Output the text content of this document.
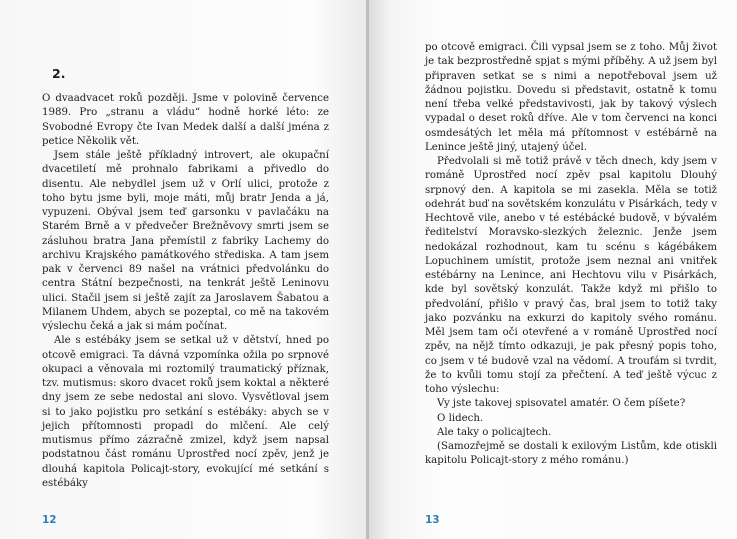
2.

O dvaadvacet roků později. Jsme v polovině července 1989. Pro „stranu a vládu“ hodně horké léto: ze Svobodné Evropy čte Ivan Medek další a další jména z petice Několik vět.

Jsem stále ještě příkladný introvert, ale okupační dvacetiletí mě prohnalo fabrikami a přivedlo do disentu. Ale nebydlel jsem už v Orlí ulici, protože z toho bytu jsme byli, moje máti, můj bratr Jenda a já, vypuzeni. Obýval jsem teď garsonku v pavlačáku na Starém Brně a v předvečer Brežněvovy smrti jsem se zásluhou bratra Jana přemístil z fabriky Lachemy do archivu Krajského památkového střediska. A tam jsem pak v červenci 89 našel na vrátnici předvolánku do centra Státní bezpečnosti, na tenkrát ještě Leninovu ulici. Stačil jsem si ještě zajít za Jaroslavem Šabatou a Milanem Uhdem, abych se pozeptal, co mě na takovém výslechu čeká a jak si mám počínat.

Ale s estébáky jsem se setkal už v dětství, hned po otcově emigraci. Ta dávná vzpomínka ožila po srpnové okupaci a věnovala mi roztomilý traumatický příznak, tzv. mutismus: skoro dvacet roků jsem koktal a některé dny jsem ze sebe nedostal ani slovo. Vysvětloval jsem si to jako pojistku pro setkání s estébáky: abych se v jejich přítomnosti propadl do mlčení. Ale celý mutismus přímo zázračně zmizel, když jsem napsal podstatnou část románu Uprostřed nocí zpěv, jenž je dlouhá kapitola Policajt-story, evokující mé setkání s estébáky

12

po otcově emigraci. Čili vypsal jsem se z toho. Můj život je tak bezprostředně spjat s mými příběhy. A už jsem byl připraven setkat se s nimi a nepotřeboval jsem už žádnou pojistku. Dovedu si představit, ostatně k tomu není třeba velké představivosti, jak by takový výslech vypadal o deset roků dříve. Ale v tom červenci na konci osmdesátých let měla má přítomnost v estébárně na Lenince ještě jiný, utajený účel.

Předvolali si mě totiž právě v těch dnech, kdy jsem v románě Uprostřed nocí zpěv psal kapitolu Dlouhý srpnový den. A kapitola se mi zasekla. Měla se totiž odehrát buď na sovětském konzulátu v Pisárkách, tedy v Hechtově vile, anebo v té estébácké budově, v bývalém ředitelství Moravsko-slezkých železnic. Jenže jsem nedokázal rozhodnout, kam tu scénu s kágébákem Lopuchinem umístit, protože jsem neznal ani vnitřek estébárny na Lenince, ani Hechtovu vilu v Pisárkách, kde byl sovětský konzulát. Takže když mi přišlo to předvolání, přišlo v pravý čas, bral jsem to totiž taky jako pozvánku na exkurzi do kapitoly svého románu. Měl jsem tam oči otevřené a v románě Uprostřed nocí zpěv, na nějž tímto odkazuji, je pak přesný popis toho, co jsem v té budově vzal na vědomí. A troufám si tvrdit, že to kvůli tomu stojí za přečtení. A teď ještě výcuc z toho výslechu:

Vy jste takovej spisovatel amatér. O čem píšete?

O lidech.

Ale taky o policajtech.

(Samozřejmě se dostali k exilovým Listům, kde otiskli kapitolu Policajt-story z mého románu.)

13
